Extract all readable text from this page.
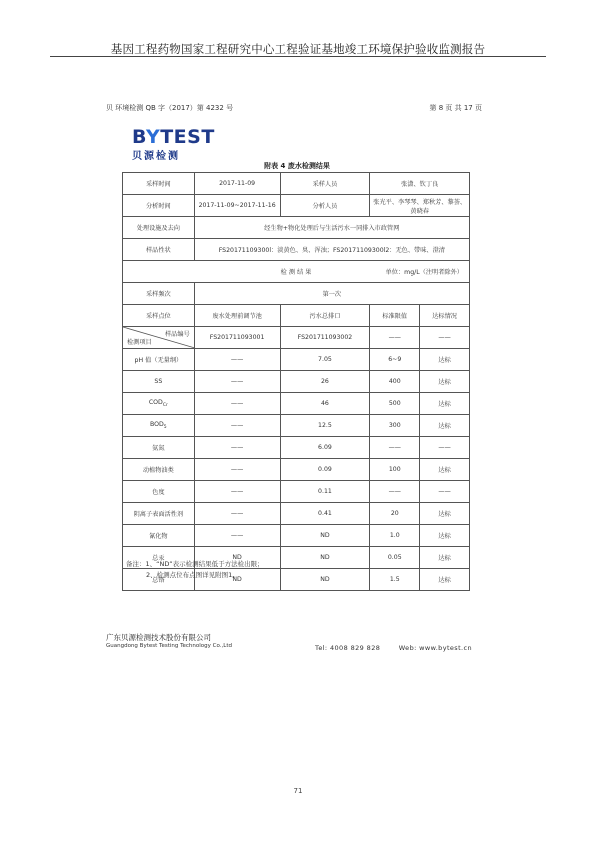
基因工程药物国家工程研究中心工程验证基地竣工环境保护验收监测报告
贝 环境检测 QB 字（2017）第 4232 号	第 8 页 共 17 页
BYTEST
贝源检测
附表 4 废水检测结果
采样时间	2017-11-09	采样人员	张潇、钦丁良	
分析时间	2017-11-09~2017-11-16	分析人员	张光平、李琴琴、郑秋芳、黎荟、黄晓春	
处理设施及去向	经生物+物化处理后与生活污水一同排入市政管网			
样品性状	FS20171109300l：淡黄色、臭、浑浊；FS20171109300l2：无色、带味、澄清			
检 测 结 果 单位：mg/L（注明者除外）				

采样频次	第一次			
采样点位	废水处理前调节池	污水总排口	标准限值	达标情况

样品编号
检测项目	FS201711093001	FS201711093002	——	——
pH 值（无量纲）	——	7.05	6~9	达标
SS	——	26	400	达标
$COD_{Cr}$	——	46	500	达标
$BOD_5$	——	12.5	300	达标
氨氮	——	6.09	——	——
动植物油类	——	0.09	100	达标
色度	——	0.11	——	——
阴离子表面活性剂	——	0.41	20	达标
氰化物	——	ND	1.0	达标
总汞	ND	ND	0.05	达标
总铬	ND	ND	1.5	达标
备注：1、“ND”表示检测结果低于方法检出限；
2、检测点位布点图详见附图1。
广东贝源检测技术股份有限公司
Guangdong Bytest Testing Technology Co.,Ltd	Tel: 4008 829 828	Web: www.bytest.cn
71
